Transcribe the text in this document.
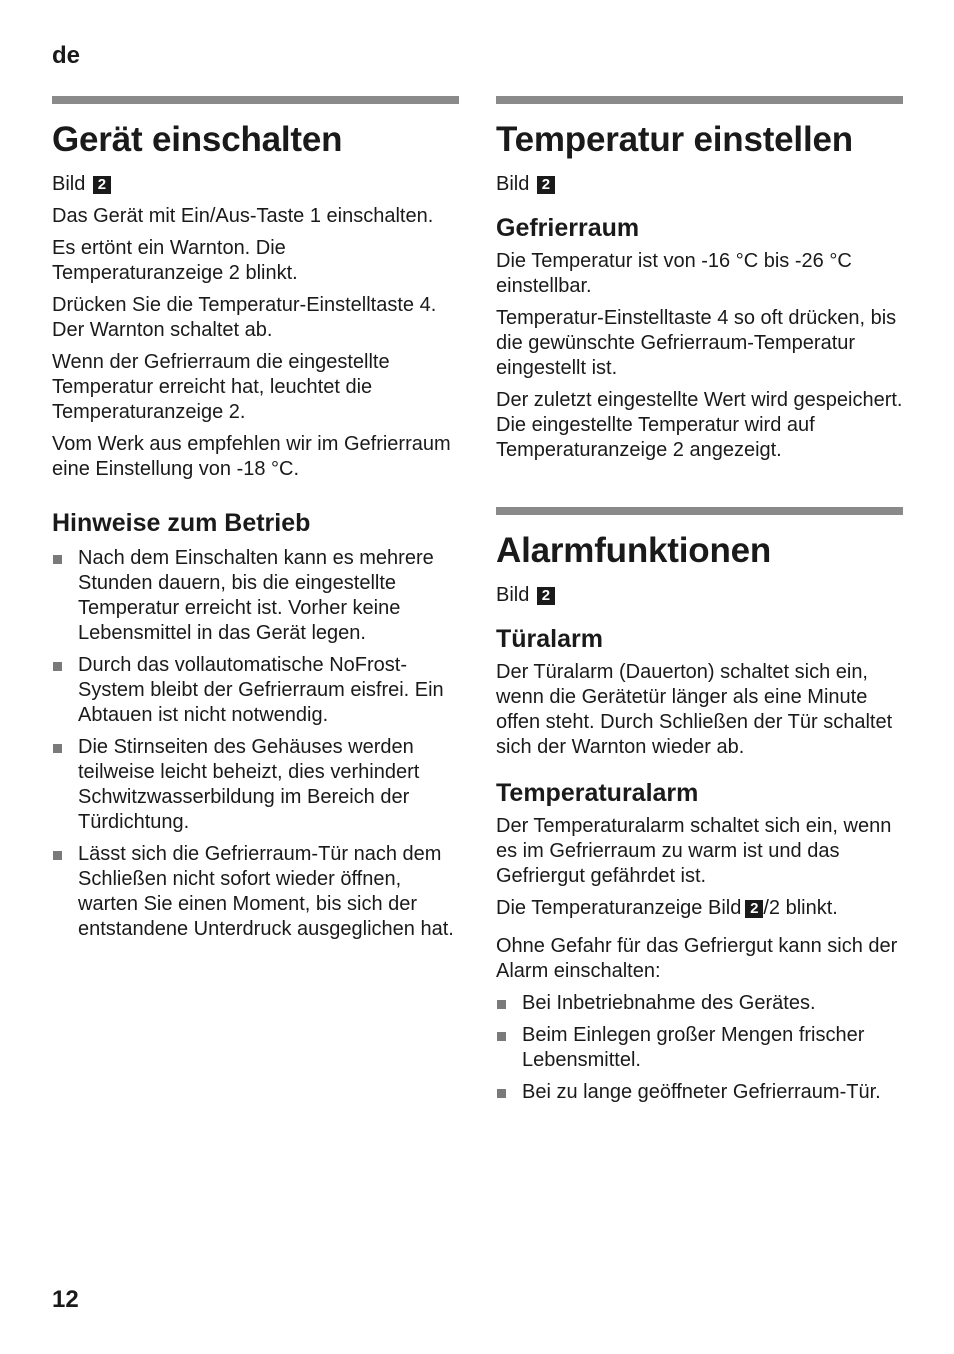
de
Gerät einschalten

Bild 2

Das Gerät mit Ein/Aus-Taste 1 einschalten.

Es ertönt ein Warnton. Die Temperaturanzeige 2 blinkt.

Drücken Sie die Temperatur-Einstelltaste 4. Der Warnton schaltet ab.

Wenn der Gefrierraum die eingestellte Temperatur erreicht hat, leuchtet die Temperaturanzeige 2.

Vom Werk aus empfehlen wir im Gefrierraum eine Einstellung von -18 °C.

Hinweise zum Betrieb
Nach dem Einschalten kann es mehrere Stunden dauern, bis die eingestellte Temperatur erreicht ist. Vorher keine Lebensmittel in das Gerät legen.
Durch das vollautomatische NoFrost-System bleibt der Gefrierraum eisfrei. Ein Abtauen ist nicht notwendig.
Die Stirnseiten des Gehäuses werden teilweise leicht beheizt, dies verhindert Schwitzwasserbildung im Bereich der Türdichtung.
Lässt sich die Gefrierraum-Tür nach dem Schließen nicht sofort wieder öffnen, warten Sie einen Moment, bis sich der entstandene Unterdruck ausgeglichen hat.
Temperatur einstellen

Bild 2

Gefrierraum

Die Temperatur ist von -16 °C bis -26 °C einstellbar.

Temperatur-Einstelltaste 4 so oft drücken, bis die gewünschte Gefrierraum-Temperatur eingestellt ist.

Der zuletzt eingestellte Wert wird gespeichert. Die eingestellte Temperatur wird auf Temperaturanzeige 2 angezeigt.

Alarmfunktionen

Bild 2

Türalarm

Der Türalarm (Dauerton) schaltet sich ein, wenn die Gerätetür länger als eine Minute offen steht. Durch Schließen der Tür schaltet sich der Warnton wieder ab.

Temperaturalarm

Der Temperaturalarm schaltet sich ein, wenn es im Gefrierraum zu warm ist und das Gefriergut gefährdet ist.

Die Temperaturanzeige Bild 2 /2 blinkt.

Ohne Gefahr für das Gefriergut kann sich der Alarm einschalten:

Bei Inbetriebnahme des Gerätes.
Beim Einlegen großer Mengen frischer Lebensmittel.
Bei zu lange geöffneter Gefrierraum-Tür.
12
